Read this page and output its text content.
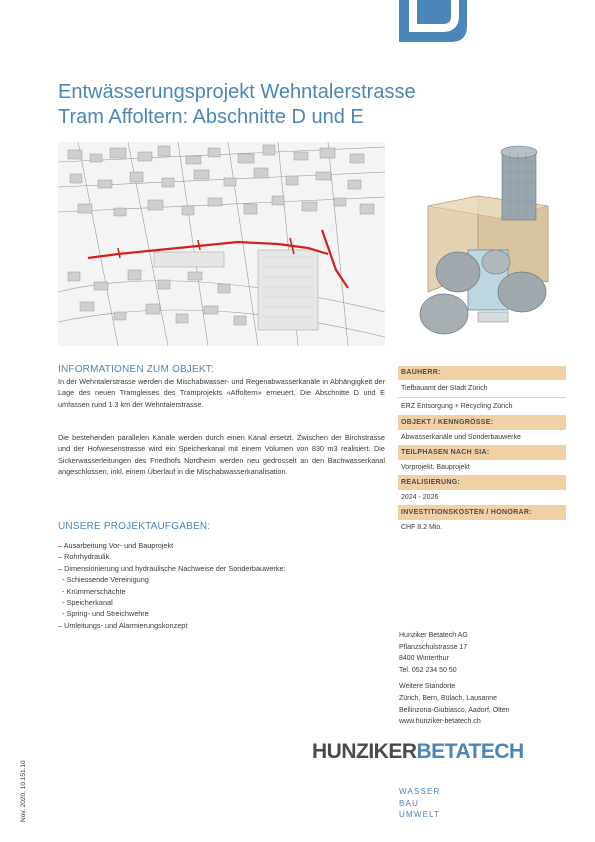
Entwässerungsprojekt Wehntalerstrasse
Tram Affoltern: Abschnitte D und E
INFORMATIONEN ZUM OBJEKT:
In der Wehntalerstrasse werden die Mischabwasser- und Regenabwasserkanäle in Abhängigkeit der Lage des neuen Tramgleises des Tramprojekts «Affoltern» erneuert. Die Abschnitte D und E umfassen rund 1.3 km der Wehntalerstrasse.
Die bestehenden parallelen Kanäle werden durch einen Kanal ersetzt. Zwischen der Birchstrasse und der Hofwiesenstrasse wird ein Speicherkanal mit einem Volumen von 830 m3 realisiert. Die Sickerwasserleitungen des Friedhofs Nordheim werden neu gedrosselt an den Bachwasserkanal angeschlossen, inkl. einem Überlauf in die Mischabwasserkanalisation.
UNSERE PROJEKTAUFGABEN:
– Ausarbeitung Vor- und Bauprojekt
– Rohrhydraulik
– Dimensionierung und hydraulische Nachweise der Sonderbauwerke:
- Schiessende Vereinigung
- Krümmerschächte
- Speicherkanal
- Spring- und Streichwehre
– Umleitungs- und Alarmierungskonzept
BAUHERR:
Tiefbauamt der Stadt Zürich
ERZ Entsorgung + Recycling Zürich
OBJEKT / KENNGRÖSSE:
Abwasserkanäle und Sonderbauwerke
TEILPHASEN NACH SIA:
Vorprojekt, Bauprojekt
REALISIERUNG:
2024 - 2026
INVESTITIONSKOSTEN / HONORAR:
CHF 8.2 Mio.
Hunziker Betatech AG
Pflanzschulstrasse 17
8400 Winterthur
Tel. 052 234 50 50
Weitere Standorte
Zürich, Bern, Bülach, Lausanne
Bellinzona-Giubiasco, Aadorf, Olten
www.hunziker-betatech.ch
HUNZIKERBETATECH
WASSER
BAU
UMWELT
Nov. 2020, 10.151.10
